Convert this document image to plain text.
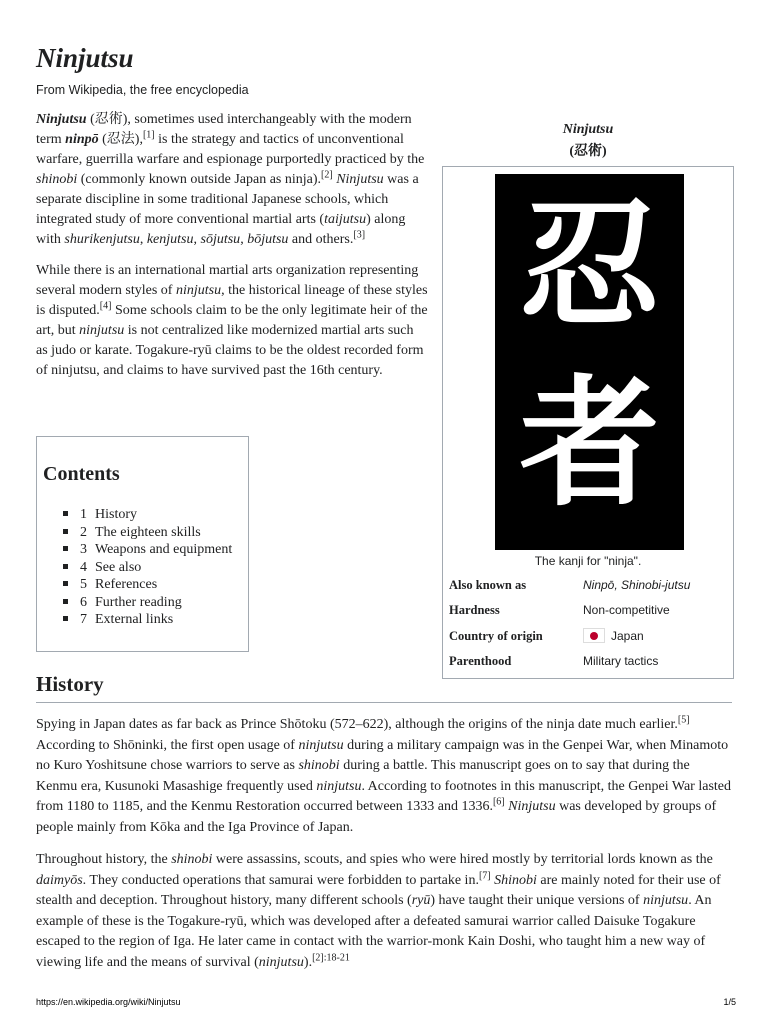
Ninjutsu
From Wikipedia, the free encyclopedia

Ninjutsu (忍術), sometimes used interchangeably with the modern term ninpō (忍法),[1] is the strategy and tactics of unconventional warfare, guerrilla warfare and espionage purportedly practiced by the shinobi (commonly known outside Japan as ninja).[2] Ninjutsu was a separate discipline in some traditional Japanese schools, which integrated study of more conventional martial arts (taijutsu) along with shurikenjutsu, kenjutsu, sōjutsu, bōjutsu and others.[3]

While there is an international martial arts organization representing several modern styles of ninjutsu, the historical lineage of these styles is disputed.[4] Some schools claim to be the only legitimate heir of the art, but ninjutsu is not centralized like modernized martial arts such as judo or karate. Togakure-ryū claims to be the oldest recorded form of ninjutsu, and claims to have survived past the 16th century.

Contents
1 History
2 The eighteen skills
3 Weapons and equipment
4 See also
5 References
6 Further reading
7 External links
Ninjutsu
(忍術)
忍
者
The kanji for "ninja".
Also known as	Ninpō, Shinobi-jutsu
Hardness	Non-competitive
Country of origin	Japan
Parenthood	Military tactics
History

Spying in Japan dates as far back as Prince Shōtoku (572–622), although the origins of the ninja date much earlier.[5] According to Shōninki, the first open usage of ninjutsu during a military campaign was in the Genpei War, when Minamoto no Kuro Yoshitsune chose warriors to serve as shinobi during a battle. This manuscript goes on to say that during the Kenmu era, Kusunoki Masashige frequently used ninjutsu. According to footnotes in this manuscript, the Genpei War lasted from 1180 to 1185, and the Kenmu Restoration occurred between 1333 and 1336.[6] Ninjutsu was developed by groups of people mainly from Kōka and the Iga Province of Japan.

Throughout history, the shinobi were assassins, scouts, and spies who were hired mostly by territorial lords known as the daimyōs. They conducted operations that samurai were forbidden to partake in.[7] Shinobi are mainly noted for their use of stealth and deception. Throughout history, many different schools (ryū) have taught their unique versions of ninjutsu. An example of these is the Togakure-ryū, which was developed after a defeated samurai warrior called Daisuke Togakure escaped to the region of Iga. He later came in contact with the warrior-monk Kain Doshi, who taught him a new way of viewing life and the means of survival (ninjutsu).$^{[2]:18-21}$

https://en.wikipedia.org/wiki/Ninjutsu	1/5
